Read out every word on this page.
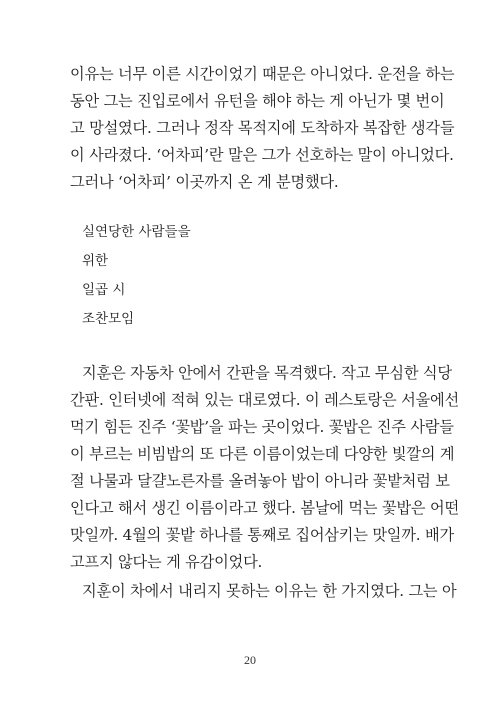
이유는 너무 이른 시간이었기 때문은 아니었다. 운전을 하는
동안 그는 진입로에서 유턴을 해야 하는 게 아닌가 몇 번이
고 망설였다. 그러나 정작 목적지에 도착하자 복잡한 생각들
이 사라졌다. ‘어차피’란 말은 그가 선호하는 말이 아니었다.
그러나 ‘어차피’ 이곳까지 온 게 분명했다.
실연당한 사람들을
위한
일곱 시
조찬모임
지훈은 자동차 안에서 간판을 목격했다. 작고 무심한 식당
간판. 인터넷에 적혀 있는 대로였다. 이 레스토랑은 서울에선
먹기 힘든 진주 ‘꽃밥’을 파는 곳이었다. 꽃밥은 진주 사람들
이 부르는 비빔밥의 또 다른 이름이었는데 다양한 빛깔의 계
절 나물과 달걀노른자를 올려놓아 밥이 아니라 꽃밭처럼 보
인다고 해서 생긴 이름이라고 했다. 봄날에 먹는 꽃밥은 어떤
맛일까. 4월의 꽃밭 하나를 통째로 집어삼키는 맛일까. 배가
고프지 않다는 게 유감이었다.
지훈이 차에서 내리지 못하는 이유는 한 가지였다. 그는 아
20
